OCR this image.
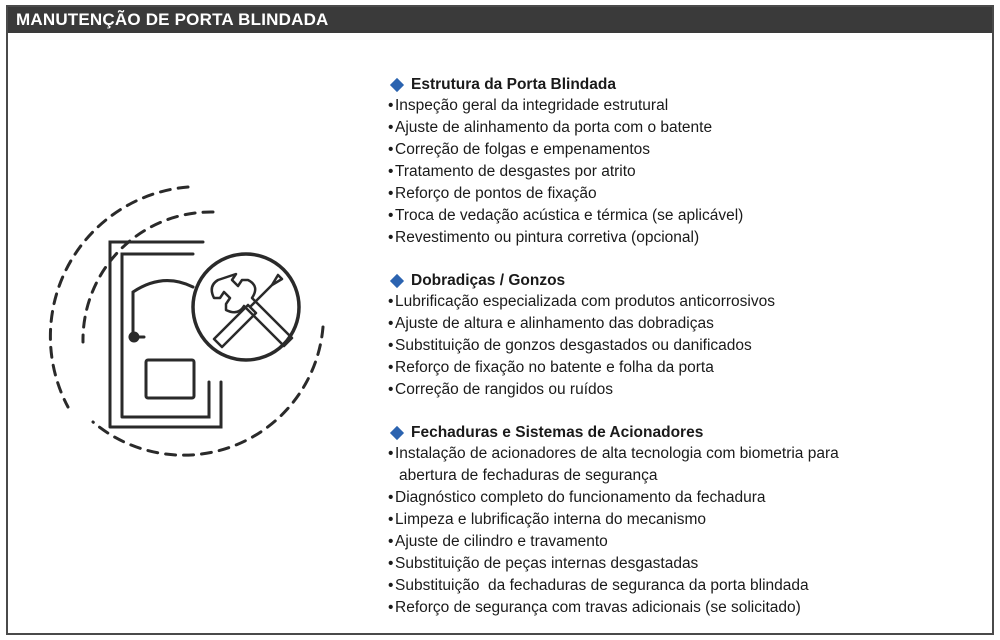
MANUTENÇÃO DE PORTA BLINDADA
Estrutura da Porta Blindada
• Inspeção geral da integridade estrutural
• Ajuste de alinhamento da porta com o batente
• Correção de folgas e empenamentos
• Tratamento de desgastes por atrito
• Reforço de pontos de fixação
• Troca de vedação acústica e térmica (se aplicável)
• Revestimento ou pintura corretiva (opcional)
Dobradiças / Gonzos
• Lubrificação especializada com produtos anticorrosivos
• Ajuste de altura e alinhamento das dobradiças
• Substituição de gonzos desgastados ou danificados
• Reforço de fixação no batente e folha da porta
• Correção de rangidos ou ruídos
Fechaduras e Sistemas de Acionadores
• Instalação de acionadores de alta tecnologia com biometria para
abertura de fechaduras de segurança
• Diagnóstico completo do funcionamento da fechadura
• Limpeza e lubrificação interna do mecanismo
• Ajuste de cilindro e travamento
• Substituição de peças internas desgastadas
• Substituição  da fechaduras de seguranca da porta blindada
• Reforço de segurança com travas adicionais (se solicitado)
